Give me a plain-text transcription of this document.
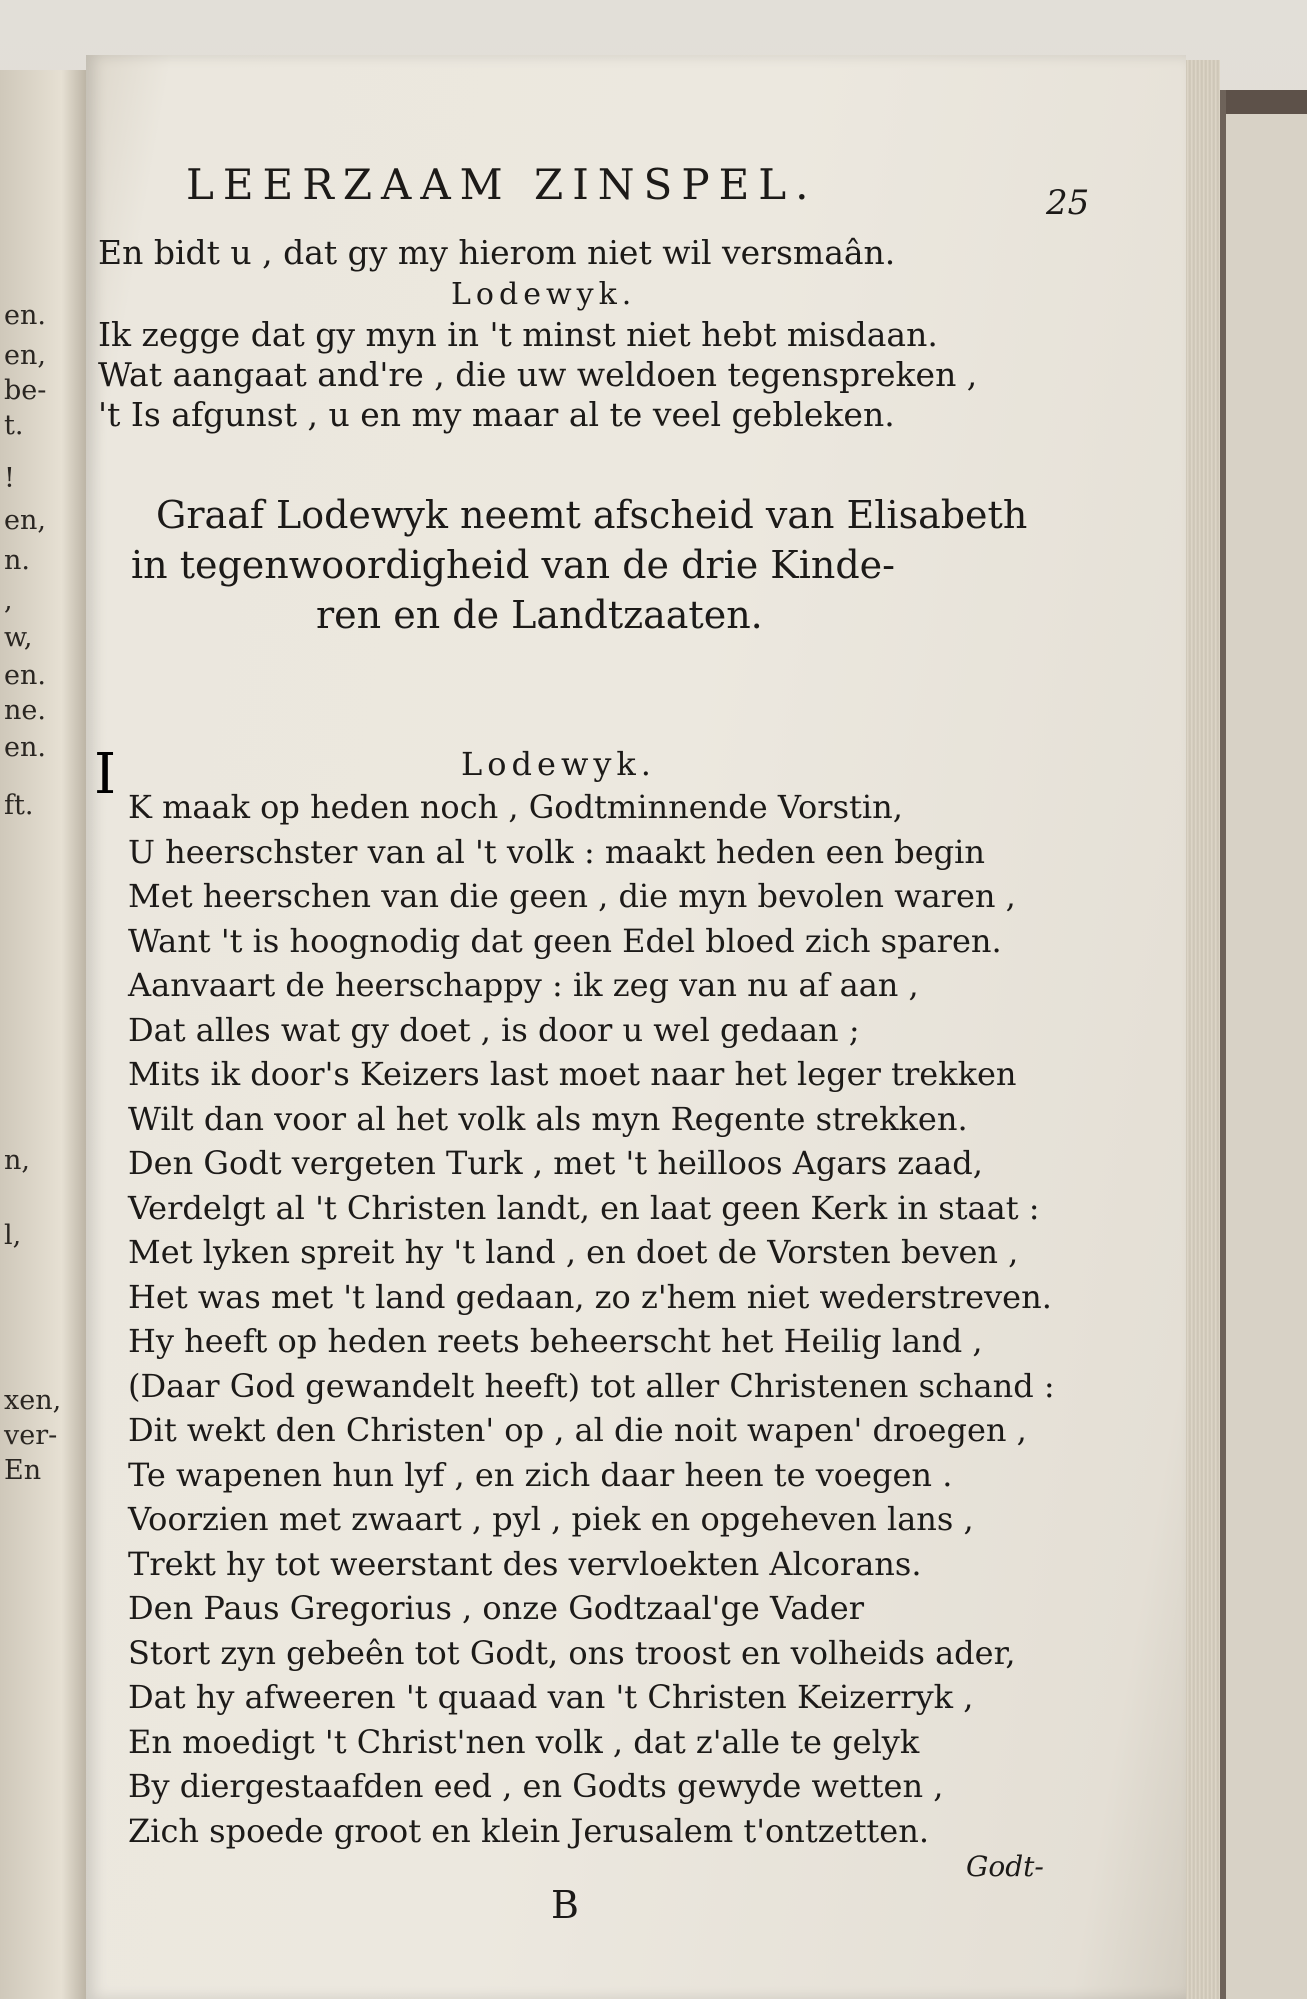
en.
en,
be-
t.
!
en,
n.
,
w,
en.
ne.
en.
ft.
n,
l,
xen,
ver-
En
LEERZAAM ZINSPEL.	25
En bidt u , dat gy my hierom niet wil versmaân.
Lodewyk.
Ik zegge dat gy myn in 't minst niet hebt misdaan.
Wat aangaat and're , die uw weldoen tegenspreken ,
't Is afgunst , u en my maar al te veel gebleken.
Graaf Lodewyk neemt afscheid van Elisabeth
in tegenwoordigheid van de drie Kinde-
ren en de Landtzaaten.
Lodewyk.
I K maak op heden noch , Godtminnende Vorstin,
U heerschster van al 't volk : maakt heden een begin
Met heerschen van die geen , die myn bevolen waren ,
Want 't is hoognodig dat geen Edel bloed zich sparen.
Aanvaart de heerschappy : ik zeg van nu af aan ,
Dat alles wat gy doet , is door u wel gedaan ;
Mits ik door's Keizers last moet naar het leger trekken
Wilt dan voor al het volk als myn Regente strekken.
Den Godt vergeten Turk , met 't heilloos Agars zaad,
Verdelgt al 't Christen landt, en laat geen Kerk in staat :
Met lyken spreit hy 't land , en doet de Vorsten beven ,
Het was met 't land gedaan, zo z'hem niet wederstreven.
Hy heeft op heden reets beheerscht het Heilig land ,
(Daar God gewandelt heeft) tot aller Christenen schand :
Dit wekt den Christen' op , al die noit wapen' droegen ,
Te wapenen hun lyf , en zich daar heen te voegen .
Voorzien met zwaart , pyl , piek en opgeheven lans ,
Trekt hy tot weerstant des vervloekten Alcorans.
Den Paus Gregorius , onze Godtzaal'ge Vader
Stort zyn gebeên tot Godt, ons troost en volheids ader,
Dat hy afweeren 't quaad van 't Christen Keizerryk ,
En moedigt 't Christ'nen volk , dat z'alle te gelyk
By diergestaafden eed , en Godts gewyde wetten ,
Zich spoede groot en klein Jerusalem t'ontzetten.
B
Godt-
